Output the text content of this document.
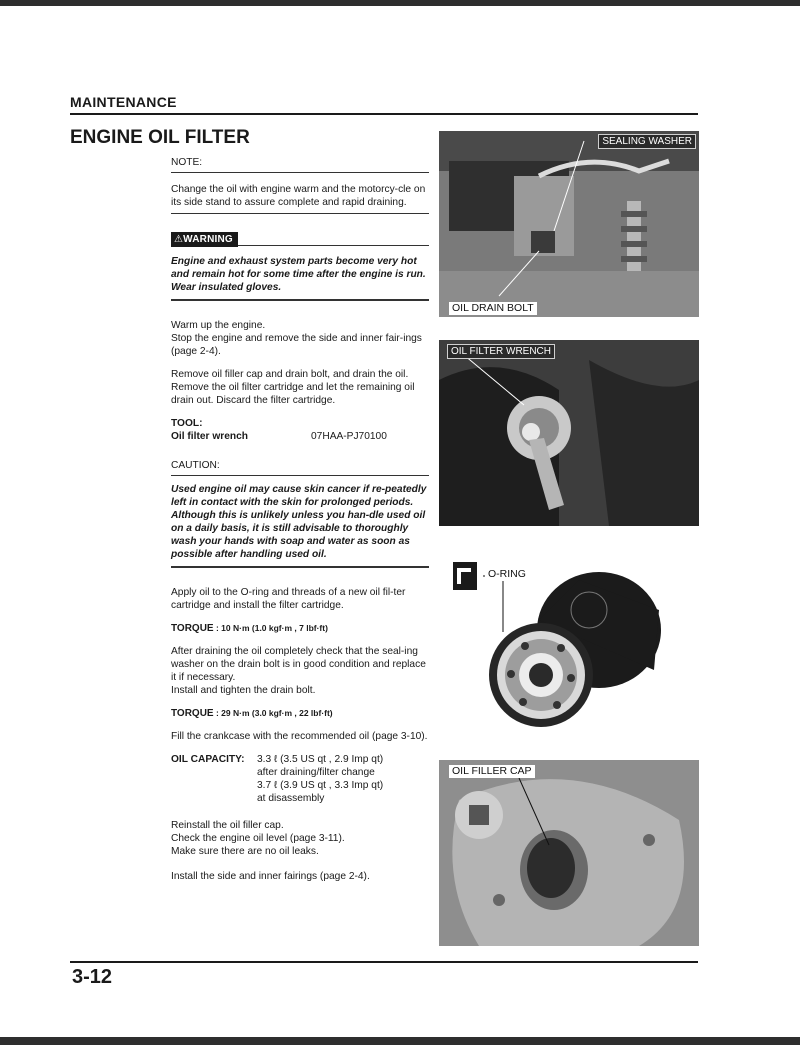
MAINTENANCE
ENGINE OIL FILTER

NOTE:

Change the oil with engine warm and the motorcy-cle on its side stand to assure complete and rapid draining.

⚠WARNING

Engine and exhaust system parts become very hot and remain hot for some time after the engine is run. Wear insulated gloves.

Warm up the engine.

Stop the engine and remove the side and inner fair-ings (page 2-4).

Remove oil filler cap and drain bolt, and drain the oil.

Remove the oil filter cartridge and let the remaining oil drain out. Discard the filter cartridge.

TOOL:

Oil filter wrench	07HAA-PJ70100

CAUTION:

Used engine oil may cause skin cancer if re-peatedly left in contact with the skin for prolonged periods. Although this is unlikely unless you han-dle used oil on a daily basis, it is still advisable to thoroughly wash your hands with soap and water as soon as possible after handling used oil.

Apply oil to the O-ring and threads of a new oil fil-ter cartridge and install the filter cartridge.

TORQUE : 10 N·m (1.0 kgf·m , 7 lbf·ft)

After draining the oil completely check that the seal-ing washer on the drain bolt is in good condition and replace it if necessary.

Install and tighten the drain bolt.

TORQUE : 29 N·m (3.0 kgf·m , 22 lbf·ft)

Fill the crankcase with the recommended oil (page 3-10).

OIL CAPACITY:	3.3 ℓ (3.5 US qt , 2.9 Imp qt)

after draining/filter change

3.7 ℓ (3.9 US qt , 3.3 Imp qt)

at disassembly

Reinstall the oil filler cap.

Check the engine oil level (page 3-11).

Make sure there are no oil leaks.

Install the side and inner fairings (page 2-4).

SEALING WASHER
OIL DRAIN BOLT
OIL FILTER WRENCH
O-RING
OIL FILLER CAP
3-12
